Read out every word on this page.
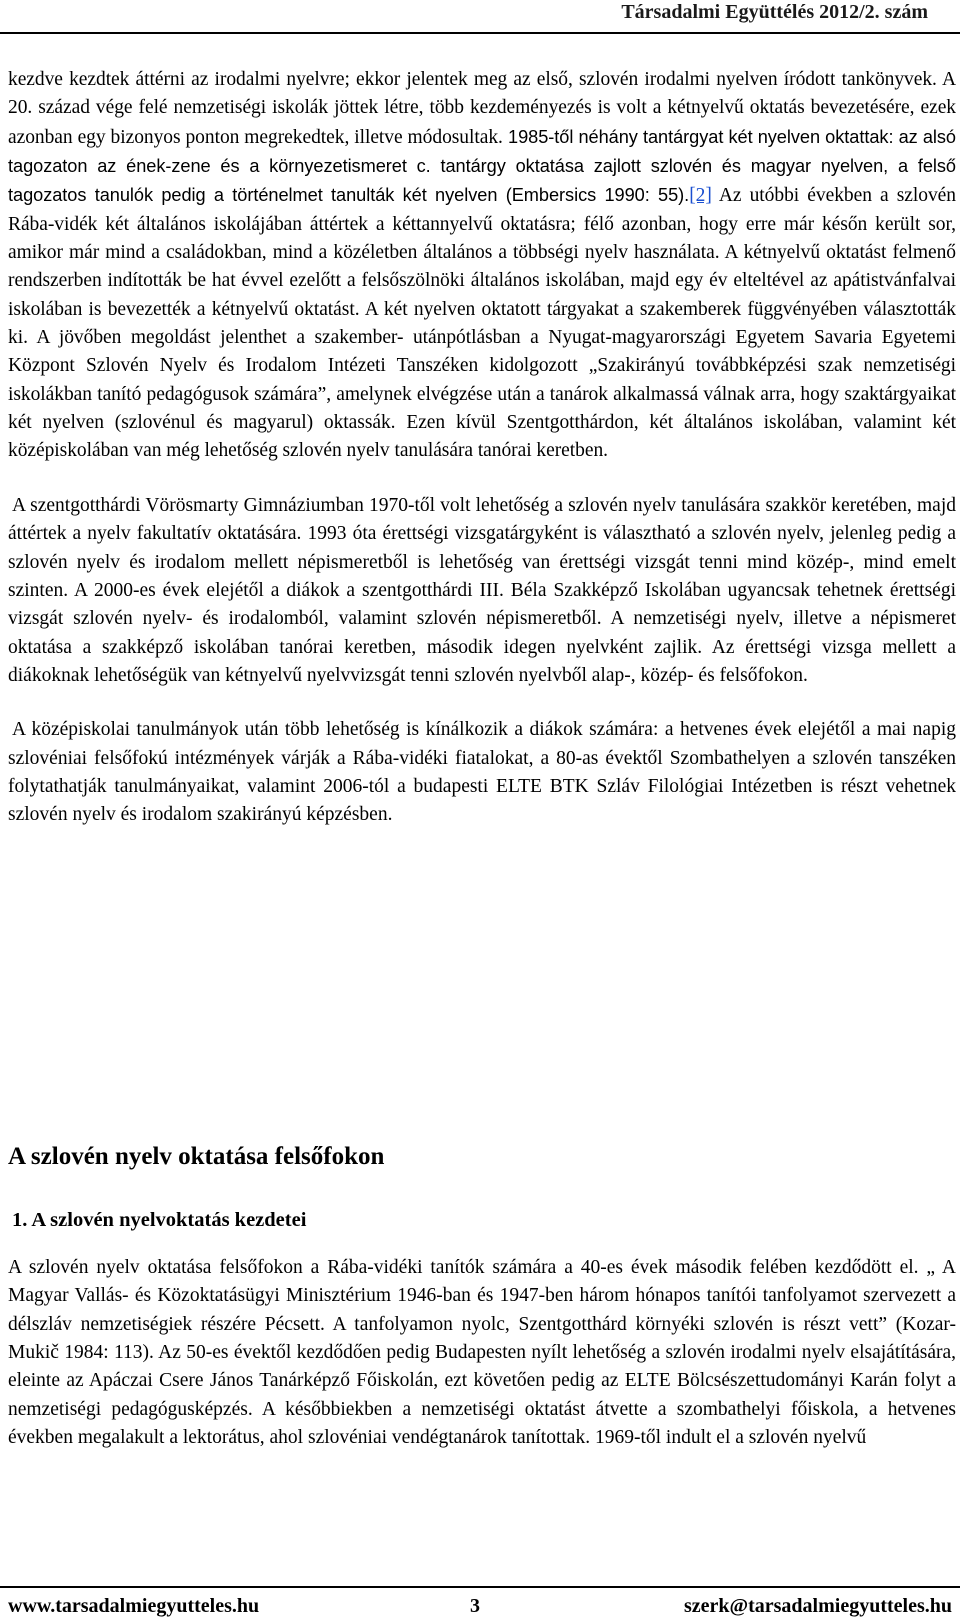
Társadalmi Együttélés 2012/2. szám

kezdve kezdtek áttérni az irodalmi nyelvre; ekkor jelentek meg az első, szlovén irodalmi nyelven íródott tankönyvek. A 20. század vége felé nemzetiségi iskolák jöttek létre, több kezdeményezés is volt a kétnyelvű oktatás bevezetésére, ezek azonban egy bizonyos ponton megrekedtek, illetve módosultak. 1985-től néhány tantárgyat két nyelven oktattak: az alsó tagozaton az ének-zene és a környezetismeret c. tantárgy oktatása zajlott szlovén és magyar nyelven, a felső tagozatos tanulók pedig a történelmet tanulták két nyelven (Embersics 1990: 55).[2] Az utóbbi években a szlovén Rába-vidék két általános iskolájában áttértek a kéttannyelvű oktatásra; félő azonban, hogy erre már későn került sor, amikor már mind a családokban, mind a közéletben általános a többségi nyelv használata. A kétnyelvű oktatást felmenő rendszerben indították be hat évvel ezelőtt a felsőszölnöki általános iskolában, majd egy év elteltével az apátistvánfalvai iskolában is bevezették a kétnyelvű oktatást. A két nyelven oktatott tárgyakat a szakemberek függvényében választották ki. A jövőben megoldást jelenthet a szakember- utánpótlásban a Nyugat-magyarországi Egyetem Savaria Egyetemi Központ Szlovén Nyelv és Irodalom Intézeti Tanszéken kidolgozott „Szakirányú továbbképzési szak nemzetiségi iskolákban tanító pedagógusok számára”, amelynek elvégzése után a tanárok alkalmassá válnak arra, hogy szaktárgyaikat két nyelven (szlovénul és magyarul) oktassák. Ezen kívül Szentgotthárdon, két általános iskolában, valamint két középiskolában van még lehetőség szlovén nyelv tanulására tanórai keretben.

A szentgotthárdi Vörösmarty Gimnáziumban 1970-től volt lehetőség a szlovén nyelv tanulására szakkör keretében, majd áttértek a nyelv fakultatív oktatására. 1993 óta érettségi vizsgatárgyként is választható a szlovén nyelv, jelenleg pedig a szlovén nyelv és irodalom mellett népismeretből is lehetőség van érettségi vizsgát tenni mind közép-, mind emelt szinten. A 2000-es évek elejétől a diákok a szentgotthárdi III. Béla Szakképző Iskolában ugyancsak tehetnek érettségi vizsgát szlovén nyelv- és irodalomból, valamint szlovén népismeretből. A nemzetiségi nyelv, illetve a népismeret oktatása a szakképző iskolában tanórai keretben, második idegen nyelvként zajlik. Az érettségi vizsga mellett a diákoknak lehetőségük van kétnyelvű nyelvvizsgát tenni szlovén nyelvből alap-, közép- és felsőfokon.

A középiskolai tanulmányok után több lehetőség is kínálkozik a diákok számára: a hetvenes évek elejétől a mai napig szlovéniai felsőfokú intézmények várják a Rába-vidéki fiatalokat, a 80-as évektől Szombathelyen a szlovén tanszéken folytathatják tanulmányaikat, valamint 2006-tól a budapesti ELTE BTK Szláv Filológiai Intézetben is részt vehetnek szlovén nyelv és irodalom szakirányú képzésben.

A szlovén nyelv oktatása felsőfokon
1. A szlovén nyelvoktatás kezdetei

A szlovén nyelv oktatása felsőfokon a Rába-vidéki tanítók számára a 40-es évek második felében kezdődött el. „ A Magyar Vallás- és Közoktatásügyi Minisztérium 1946-ban és 1947-ben három hónapos tanítói tanfolyamot szervezett a délszláv nemzetiségiek részére Pécsett. A tanfolyamon nyolc, Szentgotthárd környéki szlovén is részt vett” (Kozar-Mukič 1984: 113). Az 50-es évektől kezdődően pedig Budapesten nyílt lehetőség a szlovén irodalmi nyelv elsajátítására, eleinte az Apáczai Csere János Tanárképző Főiskolán, ezt követően pedig az ELTE Bölcsészettudományi Karán folyt a nemzetiségi pedagógusképzés. A későbbiekben a nemzetiségi oktatást átvette a szombathelyi főiskola, a hetvenes években megalakult a lektorátus, ahol szlovéniai vendégtanárok tanítottak. 1969-től indult el a szlovén nyelvű

www.tarsadalmiegyutteles.hu	3	szerk@tarsadalmiegyutteles.hu
